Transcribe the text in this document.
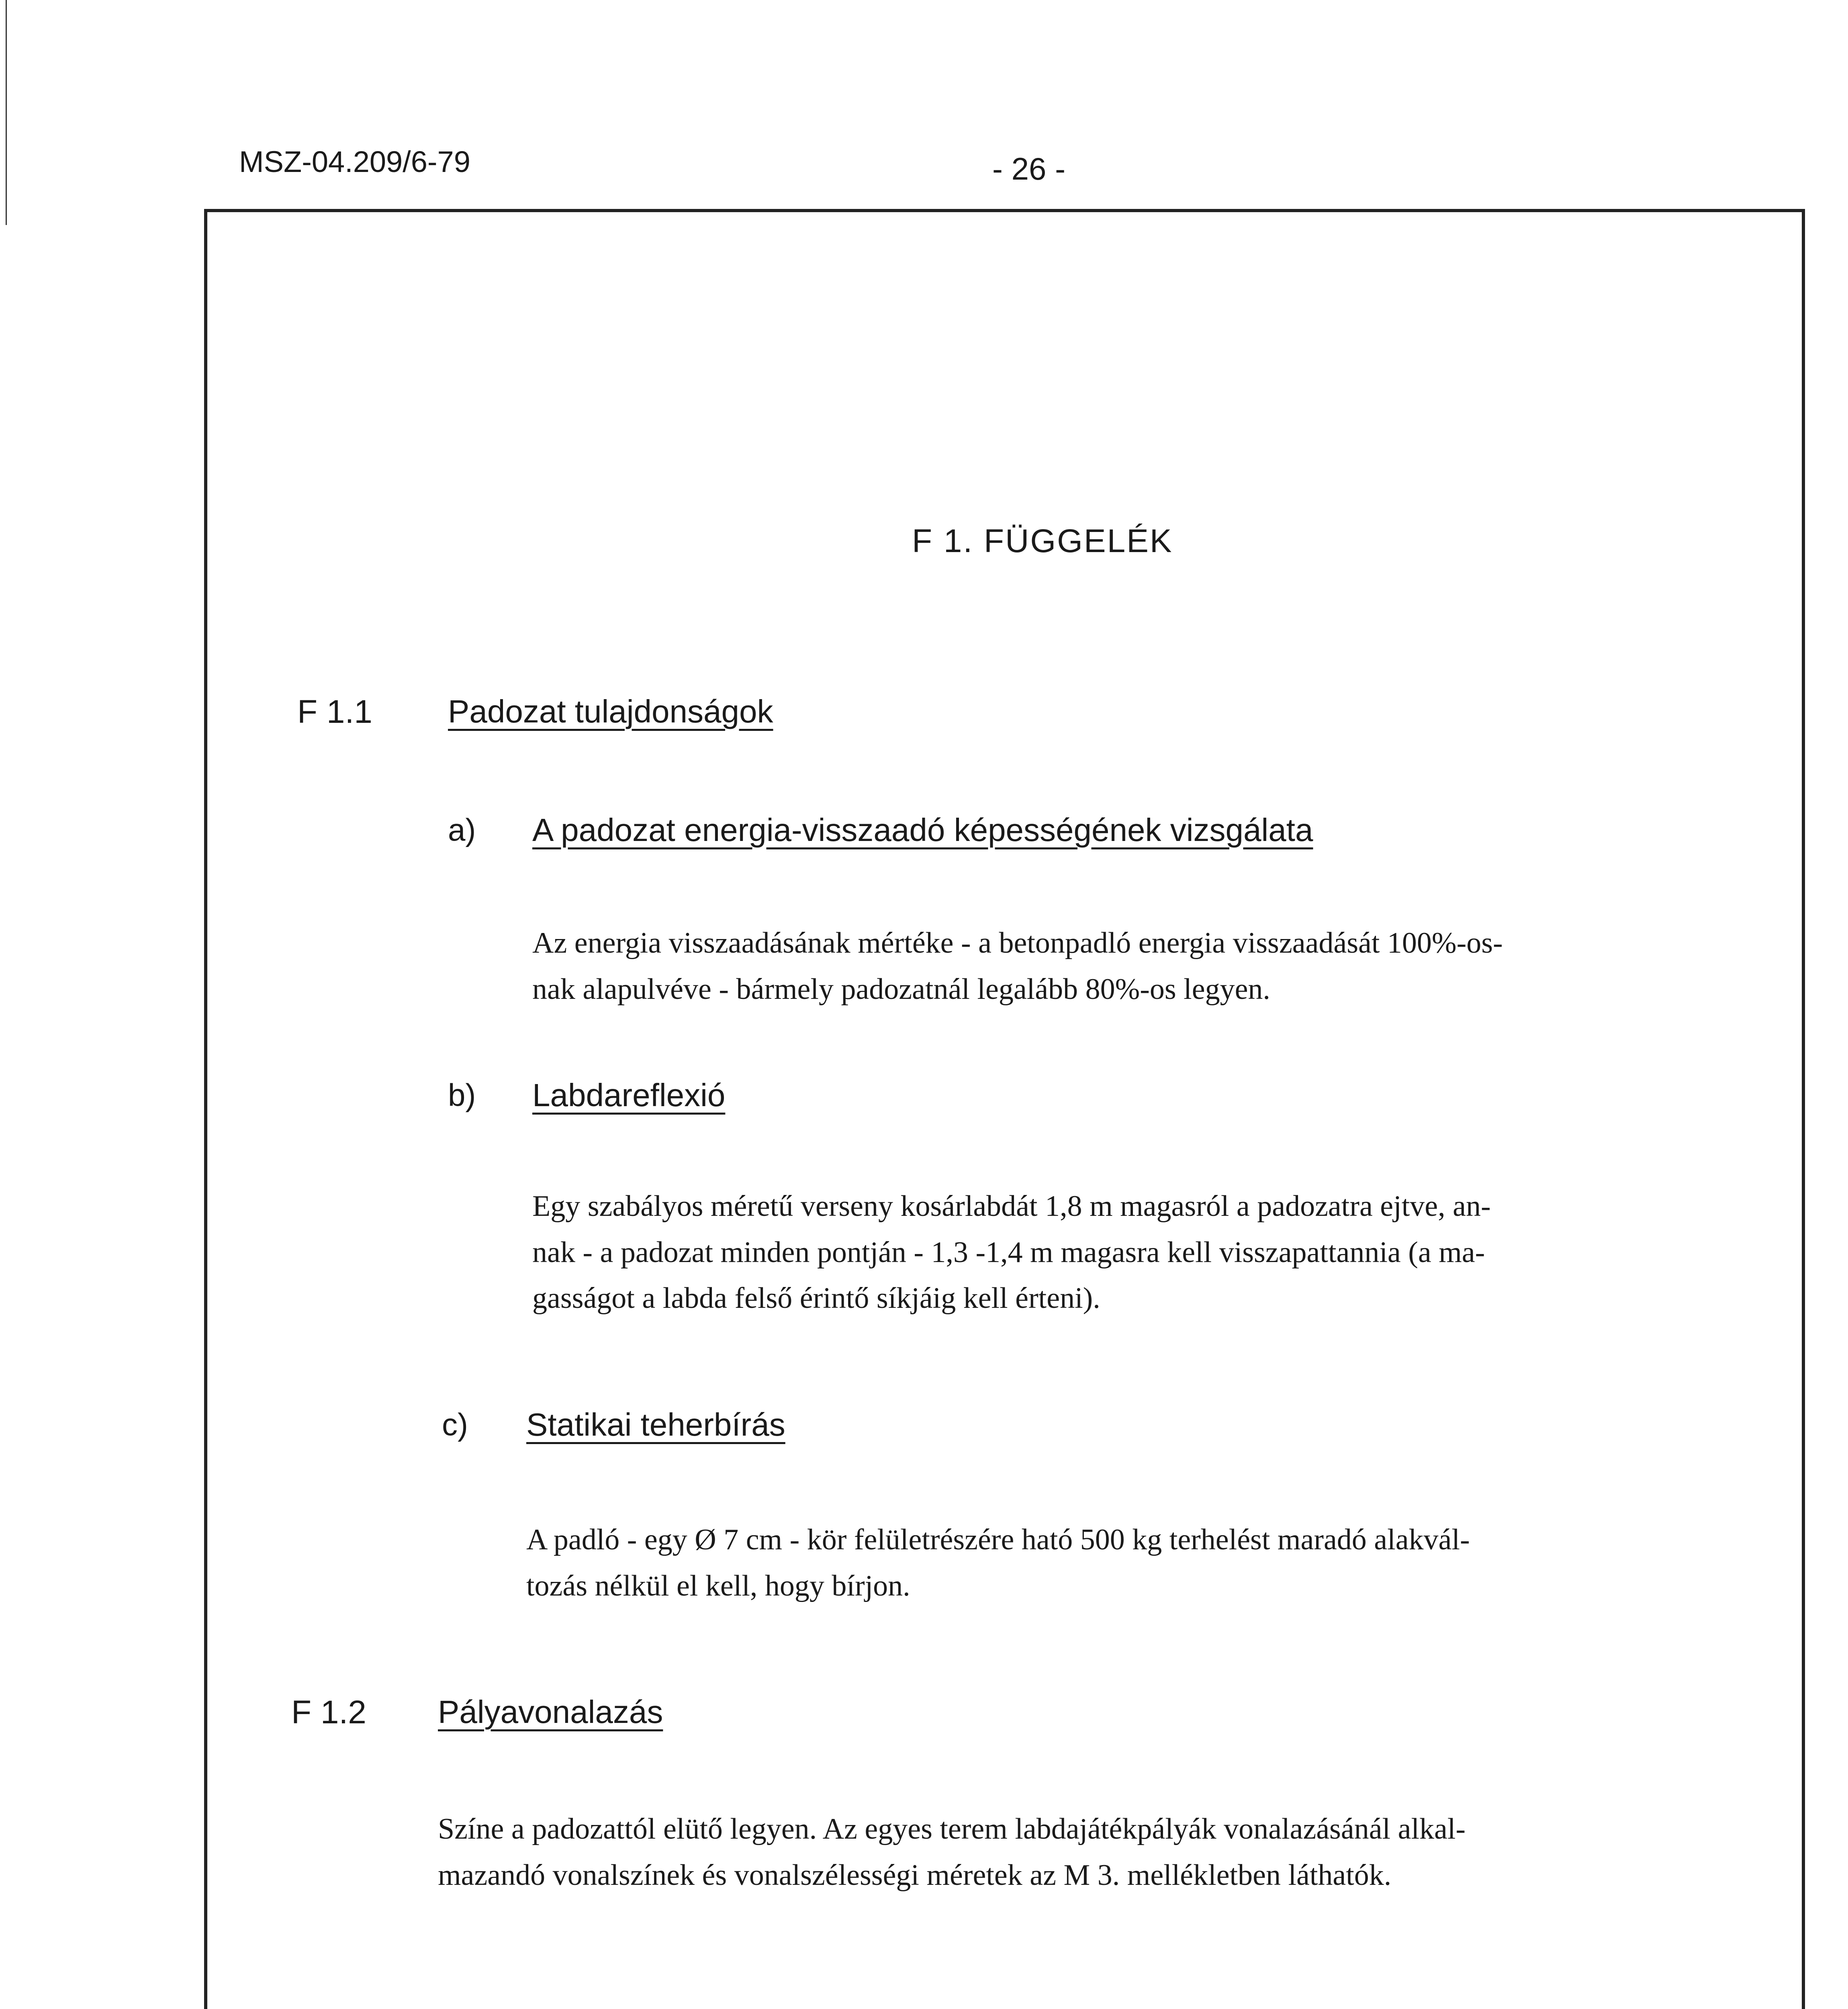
MSZ-04.209/6-79	- 26 -
F 1. FÜGGELÉK
F 1.1 Padozat tulajdonságok
a) A padozat energia-visszaadó képességének vizsgálata

Az energia visszaadásának mértéke - a betonpadló energia visszaadását 100%-os-

nak alapulvéve - bármely padozatnál legalább 80%-os legyen.

b) Labdareflexió

Egy szabályos méretű verseny kosárlabdát 1,8 m magasról a padozatra ejtve, an-

nak - a padozat minden pontján - 1,3 -1,4 m magasra kell visszapattannia (a ma-

gasságot a labda felső érintő síkjáig kell érteni).

c) Statikai teherbírás

A padló - egy Ø 7 cm - kör felületrészére ható 500 kg terhelést maradó alakvál-

tozás nélkül el kell, hogy bírjon.

F 1.2 Pályavonalazás

Színe a padozattól elütő legyen. Az egyes terem labdajátékpályák vonalazásánál alkal-

mazandó vonalszínek és vonalszélességi méretek az M 3. mellékletben láthatók.
